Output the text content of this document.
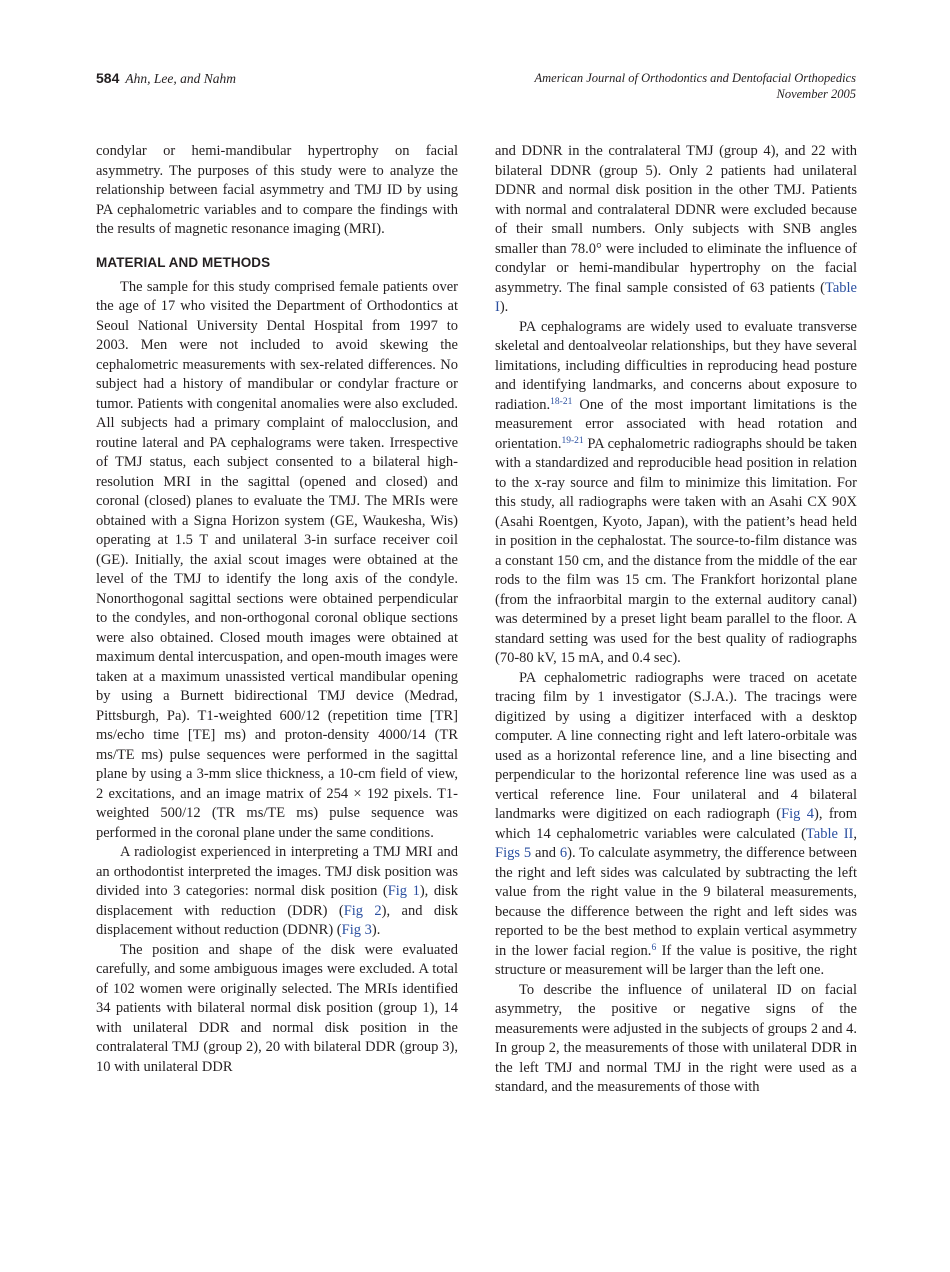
584 Ahn, Lee, and Nahm	American Journal of Orthodontics and Dentofacial Orthopedics
November 2005

condylar or hemi-mandibular hypertrophy on facial asymmetry. The purposes of this study were to analyze the relationship between facial asymmetry and TMJ ID by using PA cephalometric variables and to compare the findings with the results of magnetic resonance imaging (MRI).

MATERIAL AND METHODS

The sample for this study comprised female patients over the age of 17 who visited the Department of Orthodontics at Seoul National University Dental Hospital from 1997 to 2003. Men were not included to avoid skewing the cephalometric measurements with sex-related differences. No subject had a history of mandibular or condylar fracture or tumor. Patients with congenital anomalies were also excluded. All subjects had a primary complaint of malocclusion, and routine lateral and PA cephalograms were taken. Irrespective of TMJ status, each subject consented to a bilateral high-resolution MRI in the sagittal (opened and closed) and coronal (closed) planes to evaluate the TMJ. The MRIs were obtained with a Signa Horizon system (GE, Waukesha, Wis) operating at 1.5 T and unilateral 3-in surface receiver coil (GE). Initially, the axial scout images were obtained at the level of the TMJ to identify the long axis of the condyle. Nonorthogonal sagittal sections were obtained perpendicular to the condyles, and non-orthogonal coronal oblique sections were also obtained. Closed mouth images were obtained at maximum dental intercuspation, and open-mouth images were taken at a maximum unassisted vertical mandibular opening by using a Burnett bidirectional TMJ device (Medrad, Pittsburgh, Pa). T1-weighted 600/12 (repetition time [TR] ms/echo time [TE] ms) and proton-density 4000/14 (TR ms/TE ms) pulse sequences were performed in the sagittal plane by using a 3-mm slice thickness, a 10-cm field of view, 2 excitations, and an image matrix of 254 × 192 pixels. T1-weighted 500/12 (TR ms/TE ms) pulse sequence was performed in the coronal plane under the same conditions.

A radiologist experienced in interpreting a TMJ MRI and an orthodontist interpreted the images. TMJ disk position was divided into 3 categories: normal disk position (Fig 1), disk displacement with reduction (DDR) (Fig 2), and disk displacement without reduction (DDNR) (Fig 3).

The position and shape of the disk were evaluated carefully, and some ambiguous images were excluded. A total of 102 women were originally selected. The MRIs identified 34 patients with bilateral normal disk position (group 1), 14 with unilateral DDR and normal disk position in the contralateral TMJ (group 2), 20 with bilateral DDR (group 3), 10 with unilateral DDR

and DDNR in the contralateral TMJ (group 4), and 22 with bilateral DDNR (group 5). Only 2 patients had unilateral DDNR and normal disk position in the other TMJ. Patients with normal and contralateral DDNR were excluded because of their small numbers. Only subjects with SNB angles smaller than 78.0° were included to eliminate the influence of condylar or hemi-mandibular hypertrophy on the facial asymmetry. The final sample consisted of 63 patients (Table I).

PA cephalograms are widely used to evaluate transverse skeletal and dentoalveolar relationships, but they have several limitations, including difficulties in reproducing head posture and identifying landmarks, and concerns about exposure to radiation.$^{18-21}$ One of the most important limitations is the measurement error associated with head rotation and orientation.$^{19-21}$ PA cephalometric radiographs should be taken with a standardized and reproducible head position in relation to the x-ray source and film to minimize this limitation. For this study, all radiographs were taken with an Asahi CX 90X (Asahi Roentgen, Kyoto, Japan), with the patient’s head held in position in the cephalostat. The source-to-film distance was a constant 150 cm, and the distance from the middle of the ear rods to the film was 15 cm. The Frankfort horizontal plane (from the infraorbital margin to the external auditory canal) was determined by a preset light beam parallel to the floor. A standard setting was used for the best quality of radiographs (70-80 kV, 15 mA, and 0.4 sec).

PA cephalometric radiographs were traced on acetate tracing film by 1 investigator (S.J.A.). The tracings were digitized by using a digitizer interfaced with a desktop computer. A line connecting right and left latero-orbitale was used as a horizontal reference line, and a line bisecting and perpendicular to the horizontal reference line was used as a vertical reference line. Four unilateral and 4 bilateral landmarks were digitized on each radiograph (Fig 4), from which 14 cephalometric variables were calculated (Table II, Figs 5 and 6). To calculate asymmetry, the difference between the right and left sides was calculated by subtracting the left value from the right value in the 9 bilateral measurements, because the difference between the right and left sides was reported to be the best method to explain vertical asymmetry in the lower facial region.$^6$ If the value is positive, the right structure or measurement will be larger than the left one.

To describe the influence of unilateral ID on facial asymmetry, the positive or negative signs of the measurements were adjusted in the subjects of groups 2 and 4. In group 2, the measurements of those with unilateral DDR in the left TMJ and normal TMJ in the right were used as a standard, and the measurements of those with
